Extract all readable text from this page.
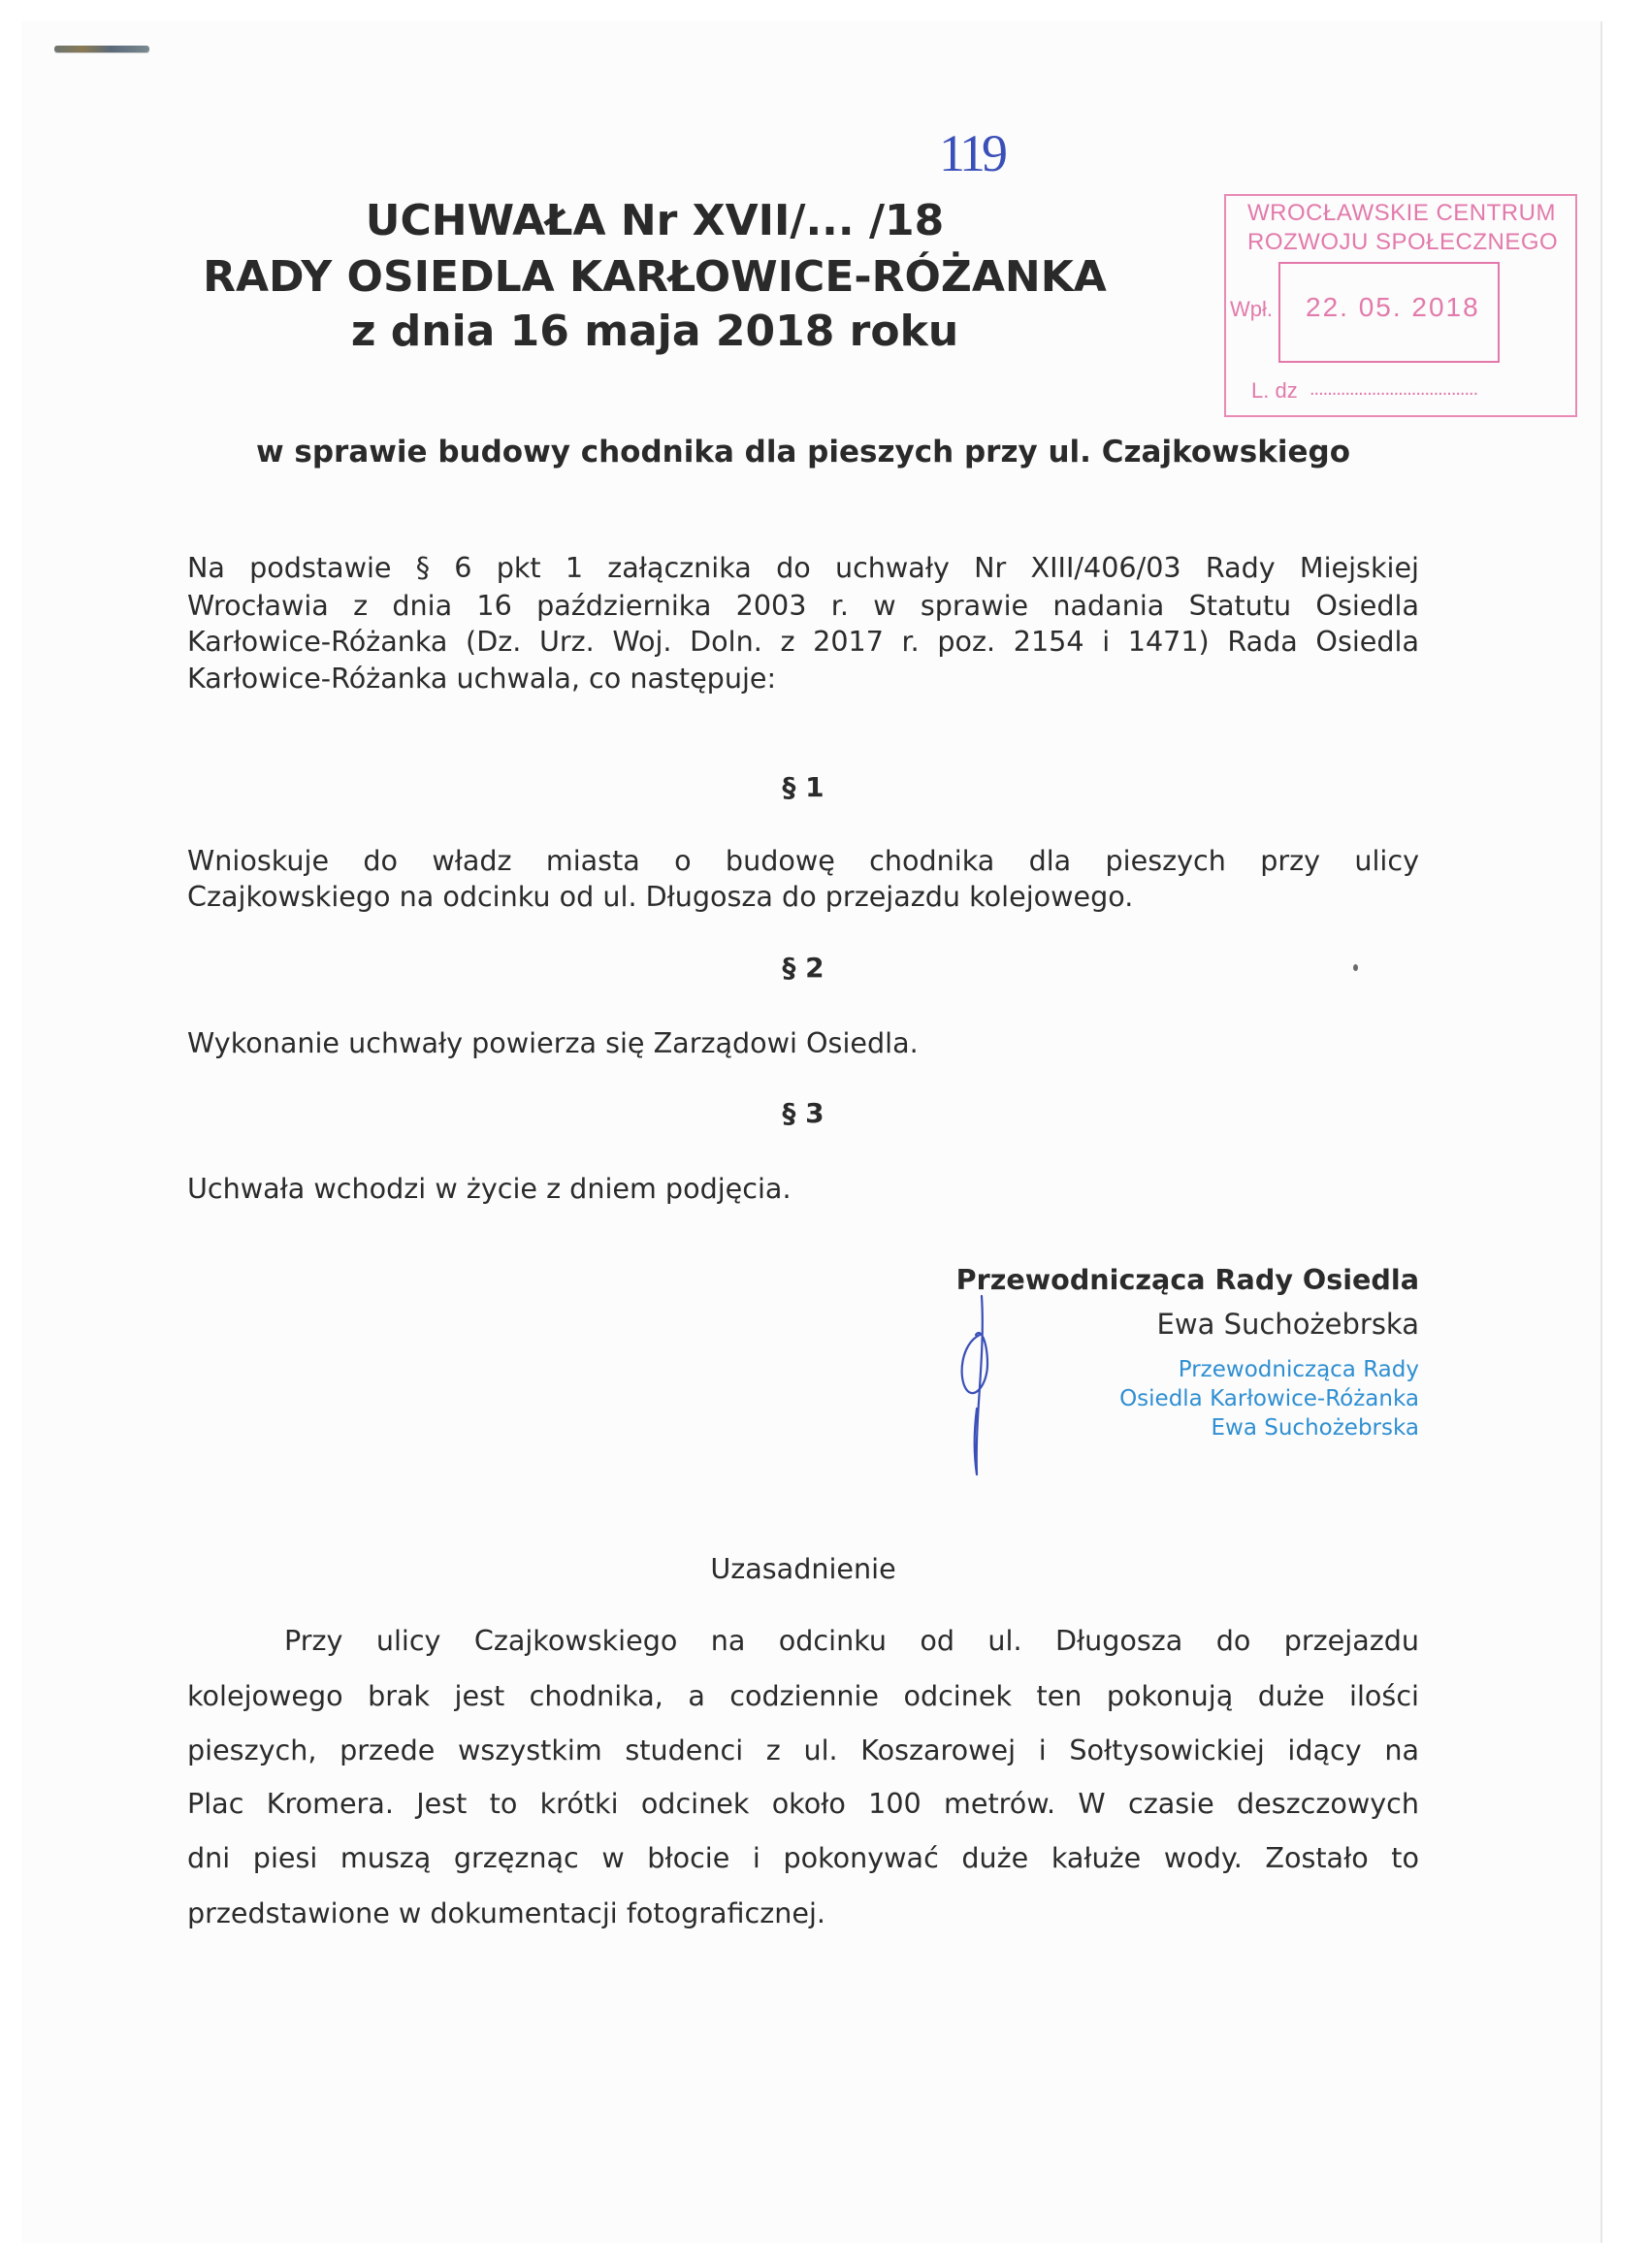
119
UCHWAŁA Nr XVII/... /18
RADY OSIEDLA KARŁOWICE-RÓŻANKA
z dnia 16 maja 2018 roku
WROCŁAWSKIE CENTRUM
ROZWOJU SPOŁECZNEGO
Wpł. 22. 05. 2018
L. dz ......................................
w sprawie budowy chodnika dla pieszych przy ul. Czajkowskiego
Na podstawie § 6 pkt 1 załącznika do uchwały Nr XIII/406/03 Rady Miejskiej
Wrocławia z dnia 16 października 2003 r. w sprawie nadania Statutu Osiedla
Karłowice-Różanka (Dz. Urz. Woj. Doln. z 2017 r. poz. 2154 i 1471) Rada Osiedla
Karłowice-Różanka uchwala, co następuje:
§ 1
Wnioskuje do władz miasta o budowę chodnika dla pieszych przy ulicy
Czajkowskiego na odcinku od ul. Długosza do przejazdu kolejowego.
§ 2
Wykonanie uchwały powierza się Zarządowi Osiedla.
§ 3
Uchwała wchodzi w życie z dniem podjęcia.
Przewodnicząca Rady Osiedla
Ewa Suchożebrska
Przewodnicząca Rady
Osiedla Karłowice-Różanka
Ewa Suchożebrska
Uzasadnienie
Przy ulicy Czajkowskiego na odcinku od ul. Długosza do przejazdu
kolejowego brak jest chodnika, a codziennie odcinek ten pokonują duże ilości
pieszych, przede wszystkim studenci z ul. Koszarowej i Sołtysowickiej idący na
Plac Kromera. Jest to krótki odcinek około 100 metrów. W czasie deszczowych
dni piesi muszą grzęznąc w błocie i pokonywać duże kałuże wody. Zostało to
przedstawione w dokumentacji fotograficznej.
